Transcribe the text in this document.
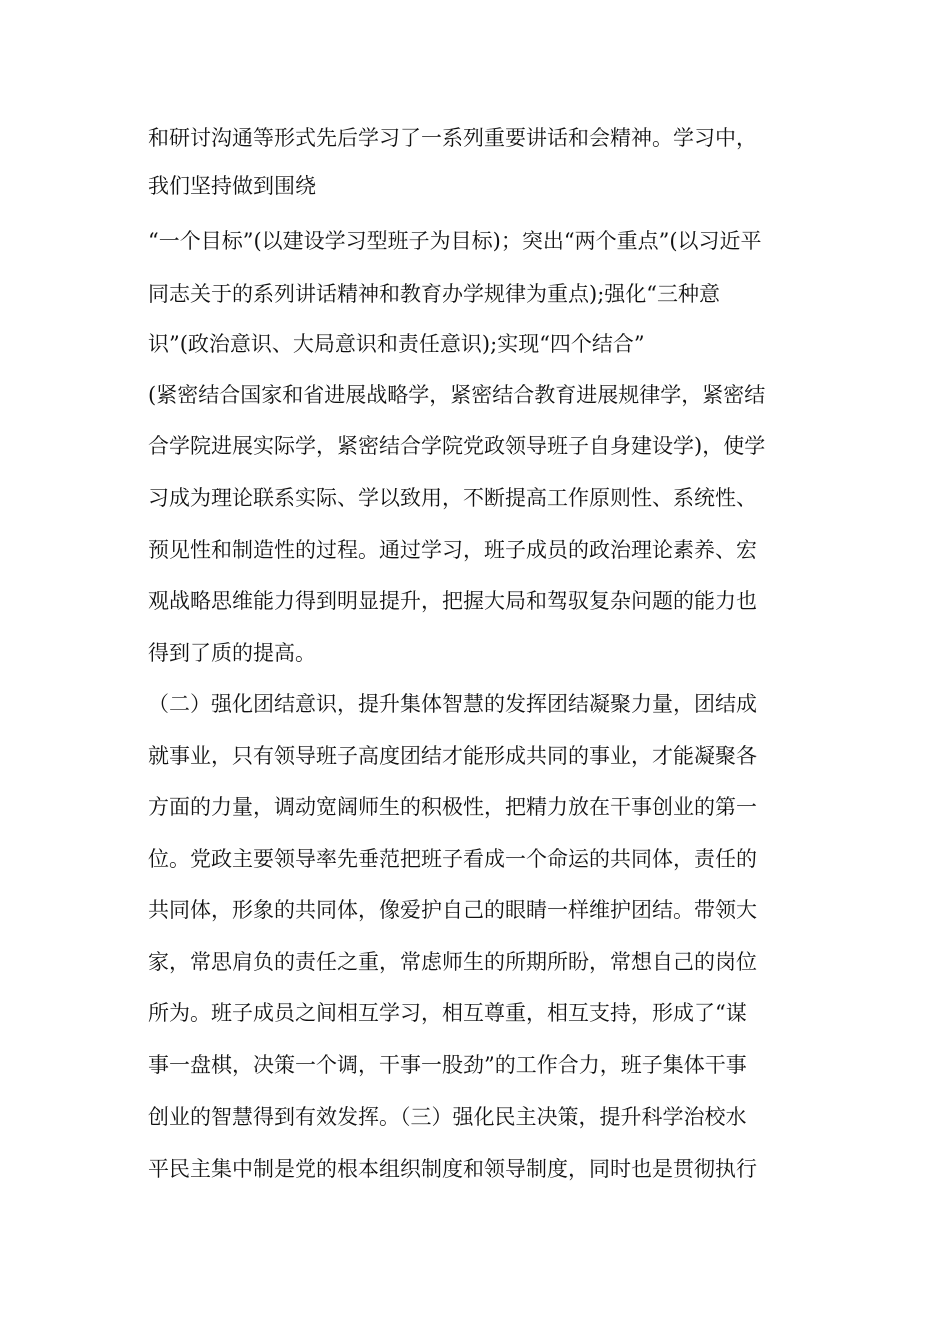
和研讨沟通等形式先后学习了一系列重要讲话和会精神。学习中，
我们坚持做到围绕
“一个目标”(以建设学习型班子为目标)；突出“两个重点”(以习近平
同志关于的系列讲话精神和教育办学规律为重点);强化“三种意
识”(政治意识、大局意识和责任意识);实现“四个结合”
(紧密结合国家和省进展战略学，紧密结合教育进展规律学，紧密结
合学院进展实际学，紧密结合学院党政领导班子自身建设学)，使学
习成为理论联系实际、学以致用，不断提高工作原则性、系统性、
预见性和制造性的过程。通过学习，班子成员的政治理论素养、宏
观战略思维能力得到明显提升，把握大局和驾驭复杂问题的能力也
得到了质的提高。
（二）强化团结意识，提升集体智慧的发挥团结凝聚力量，团结成
就事业，只有领导班子高度团结才能形成共同的事业，才能凝聚各
方面的力量，调动宽阔师生的积极性，把精力放在干事创业的第一
位。党政主要领导率先垂范把班子看成一个命运的共同体，责任的
共同体，形象的共同体，像爱护自己的眼睛一样维护团结。带领大
家，常思肩负的责任之重，常虑师生的所期所盼，常想自己的岗位
所为。班子成员之间相互学习，相互尊重，相互支持，形成了“谋
事一盘棋，决策一个调，干事一股劲”的工作合力，班子集体干事
创业的智慧得到有效发挥。（三）强化民主决策，提升科学治校水
平民主集中制是党的根本组织制度和领导制度，同时也是贯彻执行
